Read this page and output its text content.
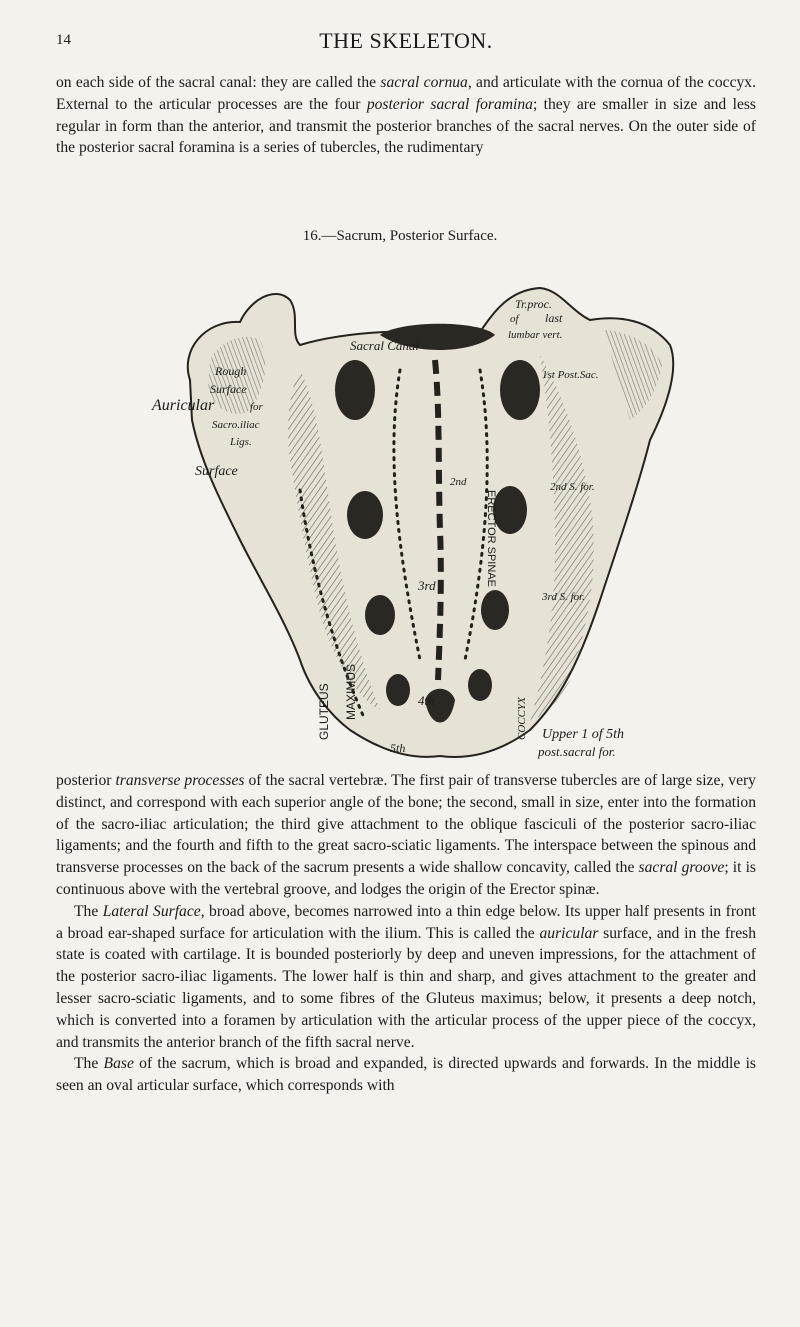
14	THE SKELETON.

on each side of the sacral canal: they are called the sacral cornua, and articulate with the cornua of the coccyx. External to the articular processes are the four posterior sacral foramina; they are smaller in size and less regular in form than the anterior, and transmit the posterior branches of the sacral nerves. On the outer side of the posterior sacral foramina is a series of tubercles, the rudimentary

16.—Sacrum, Posterior Surface.
Tr.proc.
of last
lumbar vert.
Sacral Canal
Rough
Surface
for
Sacro.iliac
Ligs.
Auricular
Surface
1st Post.Sac.
2nd S. for.
3rd S. for.
2nd
3rd
4th
GLUTEUS MAXIMUS
ERECTOR SPINAE
COCCYX
5th
Upper 1 of 5th
post.sacral for.

posterior transverse processes of the sacral vertebræ. The first pair of transverse tubercles are of large size, very distinct, and correspond with each superior angle of the bone; the second, small in size, enter into the formation of the sacro-iliac articulation; the third give attachment to the oblique fasciculi of the posterior sacro-iliac ligaments; and the fourth and fifth to the great sacro-sciatic ligaments. The interspace between the spinous and transverse processes on the back of the sacrum presents a wide shallow concavity, called the sacral groove; it is continuous above with the vertebral groove, and lodges the origin of the Erector spinæ.
The Lateral Surface, broad above, becomes narrowed into a thin edge below. Its upper half presents in front a broad ear-shaped surface for articulation with the ilium. This is called the auricular surface, and in the fresh state is coated with cartilage. It is bounded posteriorly by deep and uneven impressions, for the attachment of the posterior sacro-iliac ligaments. The lower half is thin and sharp, and gives attachment to the greater and lesser sacro-sciatic ligaments, and to some fibres of the Gluteus maximus; below, it presents a deep notch, which is converted into a foramen by articulation with the articular process of the upper piece of the coccyx, and transmits the anterior branch of the fifth sacral nerve.
The Base of the sacrum, which is broad and expanded, is directed upwards and forwards. In the middle is seen an oval articular surface, which corresponds with
